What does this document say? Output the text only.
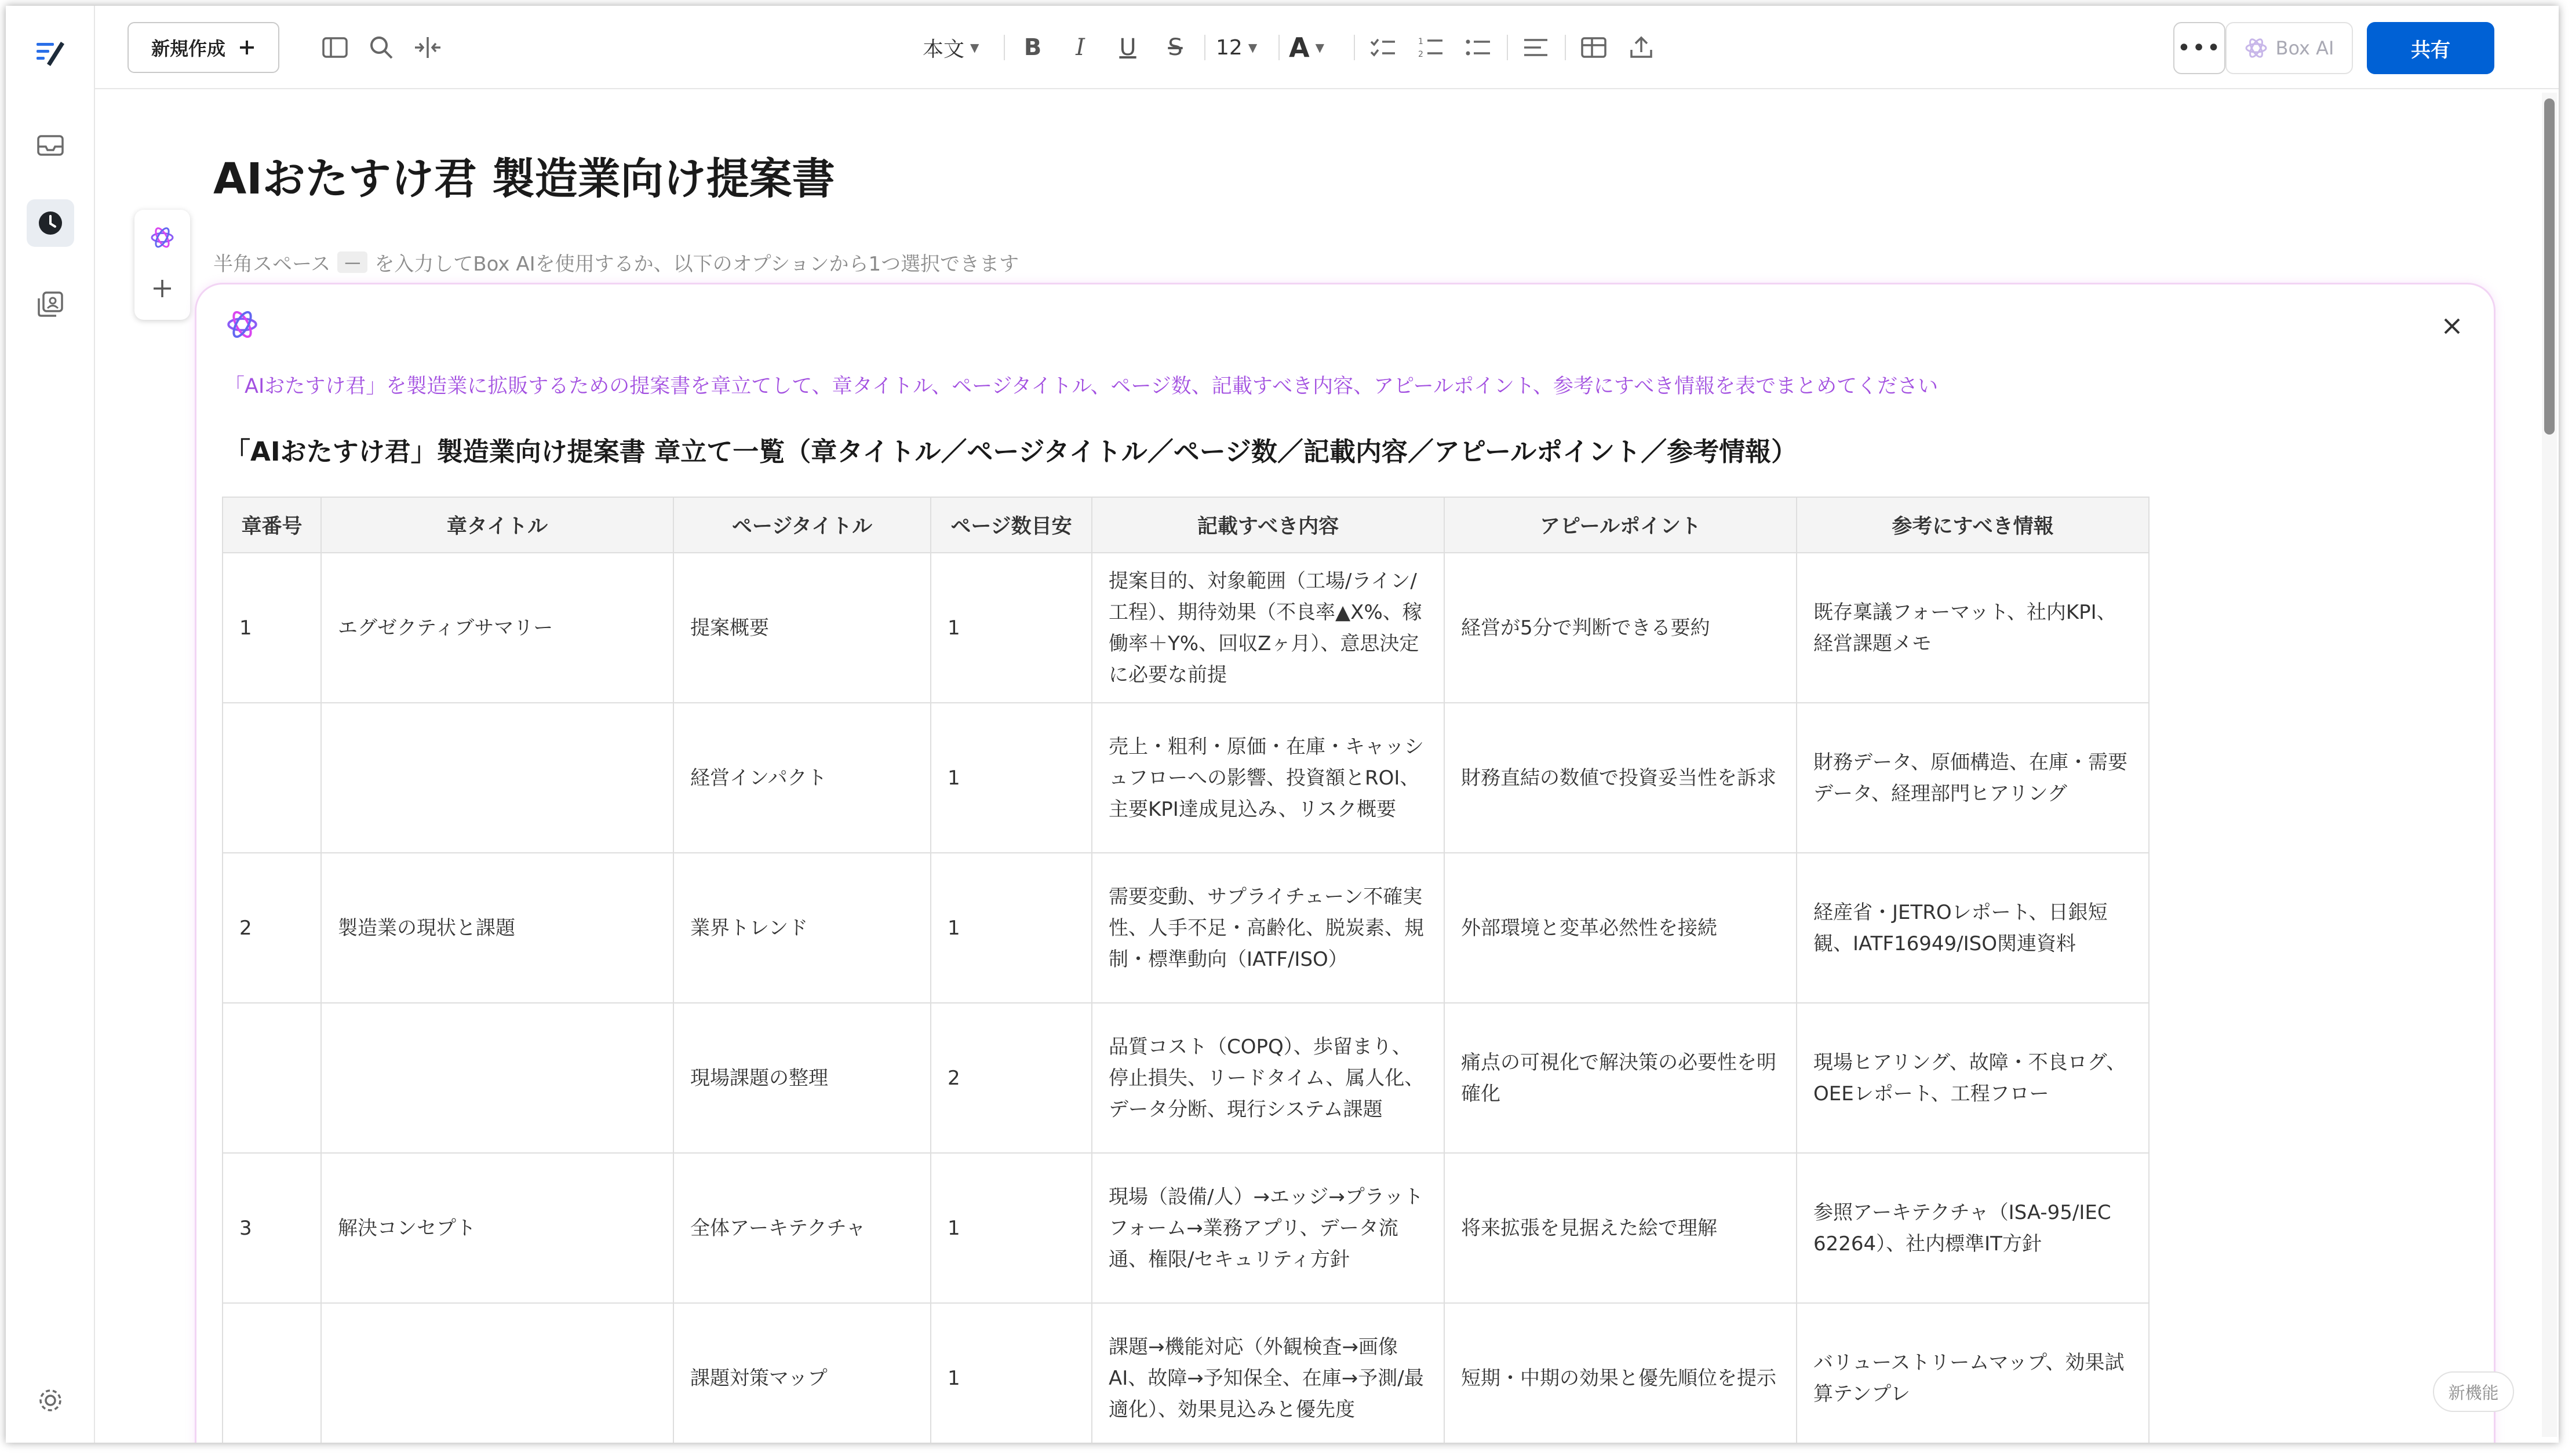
新規作成	本文 ▼	B	I	U	S	12 ▼ A ▼	1
2	•••	Box AI	共有
AIおたすけ君 製造業向け提案書
半角スペース — を入力してBox AIを使用するか、以下のオプションから1つ選択できます
「AIおたすけ君」を製造業に拡販するための提案書を章立てして、章タイトル、ページタイトル、ページ数、記載すべき内容、アピールポイント、参考にすべき情報を表でまとめてください
「AIおたすけ君」製造業向け提案書 章立て一覧（章タイトル／ページタイトル／ページ数／記載内容／アピールポイント／参考情報）
章番号	章タイトル	ページタイトル	ページ数目安	記載すべき内容	アピールポイント	参考にすべき情報
1	エグゼクティブサマリー	提案概要	1	提案目的、対象範囲（工場/ライン/工程）、期待効果（不良率▲X%、稼働率＋Y%、回収Zヶ月）、意思決定に必要な前提	経営が5分で判断できる要約	既存稟議フォーマット、社内KPI、経営課題メモ
		経営インパクト	1	売上・粗利・原価・在庫・キャッシュフローへの影響、投資額とROI、主要KPI達成見込み、リスク概要	財務直結の数値で投資妥当性を訴求	財務データ、原価構造、在庫・需要データ、経理部門ヒアリング
2	製造業の現状と課題	業界トレンド	1	需要変動、サプライチェーン不確実性、人手不足・高齢化、脱炭素、規制・標準動向（IATF/ISO）	外部環境と変革必然性を接続	経産省・JETROレポート、日銀短観、IATF16949/ISO関連資料
		現場課題の整理	2	品質コスト（COPQ）、歩留まり、停止損失、リードタイム、属人化、データ分断、現行システム課題	痛点の可視化で解決策の必要性を明確化	現場ヒアリング、故障・不良ログ、OEEレポート、工程フロー
3	解決コンセプト	全体アーキテクチャ	1	現場（設備/人）→エッジ→プラットフォーム→業務アプリ、データ流通、権限/セキュリティ方針	将来拡張を見据えた絵で理解	参照アーキテクチャ（ISA-95/IEC 62264）、社内標準IT方針
		課題対策マップ	1	課題→機能対応（外観検査→画像AI、故障→予知保全、在庫→予測/最適化）、効果見込みと優先度	短期・中期の効果と優先順位を提示	バリューストリームマップ、効果試算テンプレ	新機能
